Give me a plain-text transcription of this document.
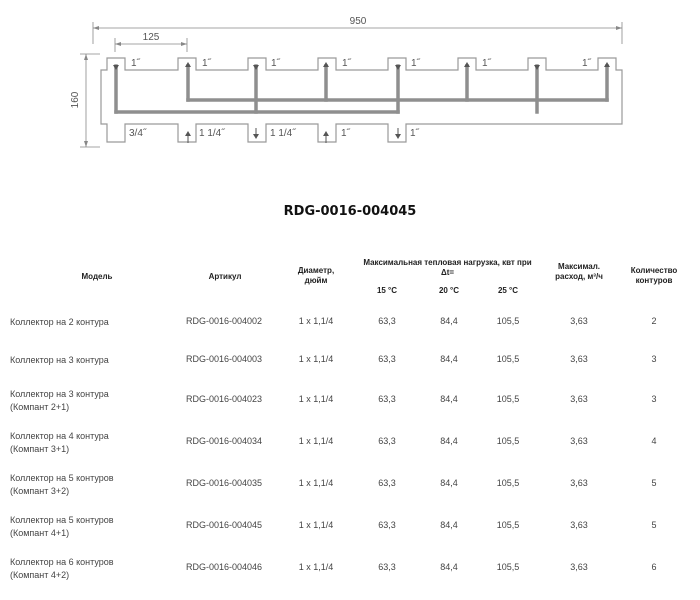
950
125
160
1˝	1˝	1˝	1˝	1˝	1˝	1˝
3/4˝	1 1/4˝	1 1/4˝	1˝	1˝
RDG-0016-004045
Модель	Артикул
Диаметр, дюйм
Максимальная тепловая нагрузка, квт при Δt=
15 °C	20 °C	25 °C
Максимал. расход, м³/ч
Количество контуров
Коллектор на 2 контура	RDG-0016-004002	1 x 1,1/4	63,3	84,4	105,5	3,63	2
Коллектор на 3 контура	RDG-0016-004003	1 x 1,1/4	63,3	84,4	105,5	3,63	3
Коллектор на 3 контура
(Компант 2+1)
RDG-0016-004023	1 x 1,1/4	63,3	84,4	105,5	3,63	3
Коллектор на 4 контура
(Компант 3+1)
RDG-0016-004034	1 x 1,1/4	63,3	84,4	105,5	3,63	4
Коллектор на 5 контуров
(Компант 3+2)
RDG-0016-004035	1 x 1,1/4	63,3	84,4	105,5	3,63	5
Коллектор на 5 контуров
(Компант 4+1)
RDG-0016-004045	1 x 1,1/4	63,3	84,4	105,5	3,63	5
Коллектор на 6 контуров
(Компант 4+2)
RDG-0016-004046	1 x 1,1/4	63,3	84,4	105,5	3,63	6
